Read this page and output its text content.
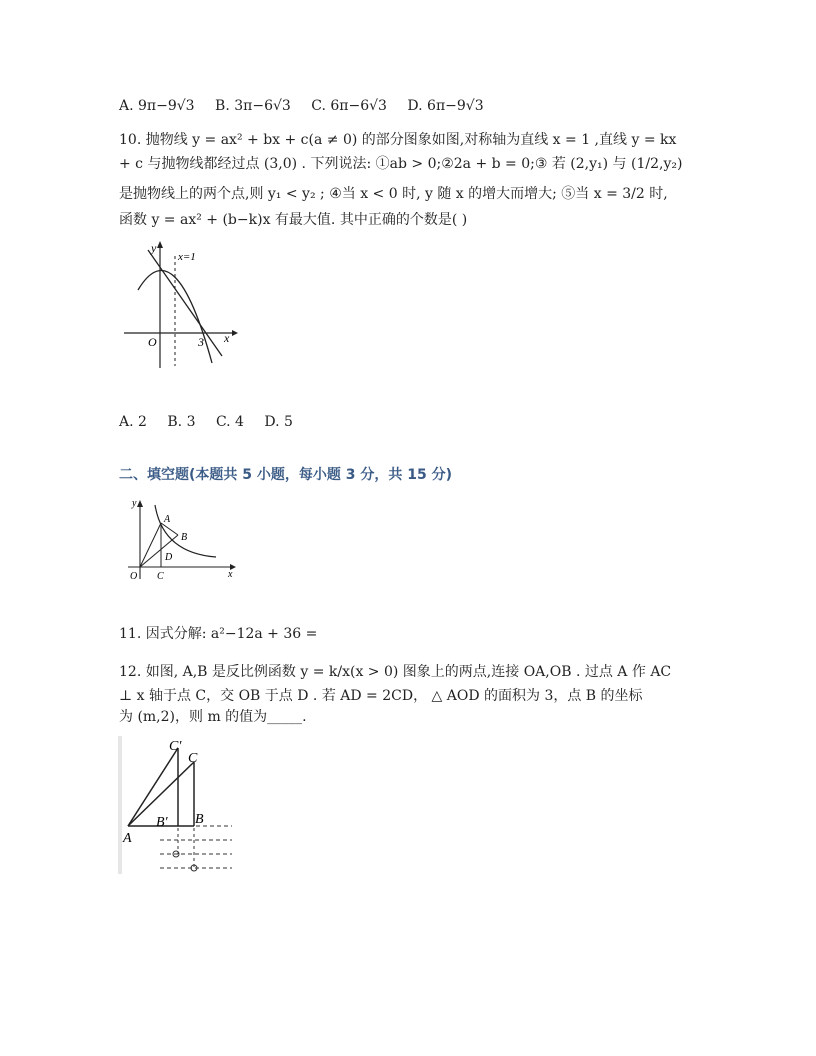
A. 9π−9√3 B. 3π−6√3 C. 6π−6√3 D. 6π−9√3
10. 抛物线 y = ax² + bx + c(a ≠ 0) 的部分图象如图,对称轴为直线 x = 1 ,直线 y = kx
+ c 与抛物线都经过点 (3,0) . 下列说法: ①ab > 0;②2a + b = 0;③ 若 (2,y₁) 与 (1/2,y₂)
是抛物线上的两个点,则 y₁ < y₂ ; ④当 x < 0 时, y 随 x 的增大而增大; ⑤当 x = 3/2 时,
函数 y = ax² + (b−k)x 有最大值. 其中正确的个数是( )
x=1
O	3 x
y
A. 2 B. 3 C. 4 D. 5
二、填空题(本题共 5 小题，每小题 3 分，共 15 分)
y
A
B
D
O C	x
11. 因式分解: a²−12a + 36 =
12. 如图, A,B 是反比例函数 y = k/x(x > 0) 图象上的两点,连接 OA,OB . 过点 A 作 AC
⊥ x 轴于点 C，交 OB 于点 D . 若 AD = 2CD， △ AOD 的面积为 3，点 B 的坐标
为 (m,2)，则 m 的值为_____.
C′
C
B′ B
A
